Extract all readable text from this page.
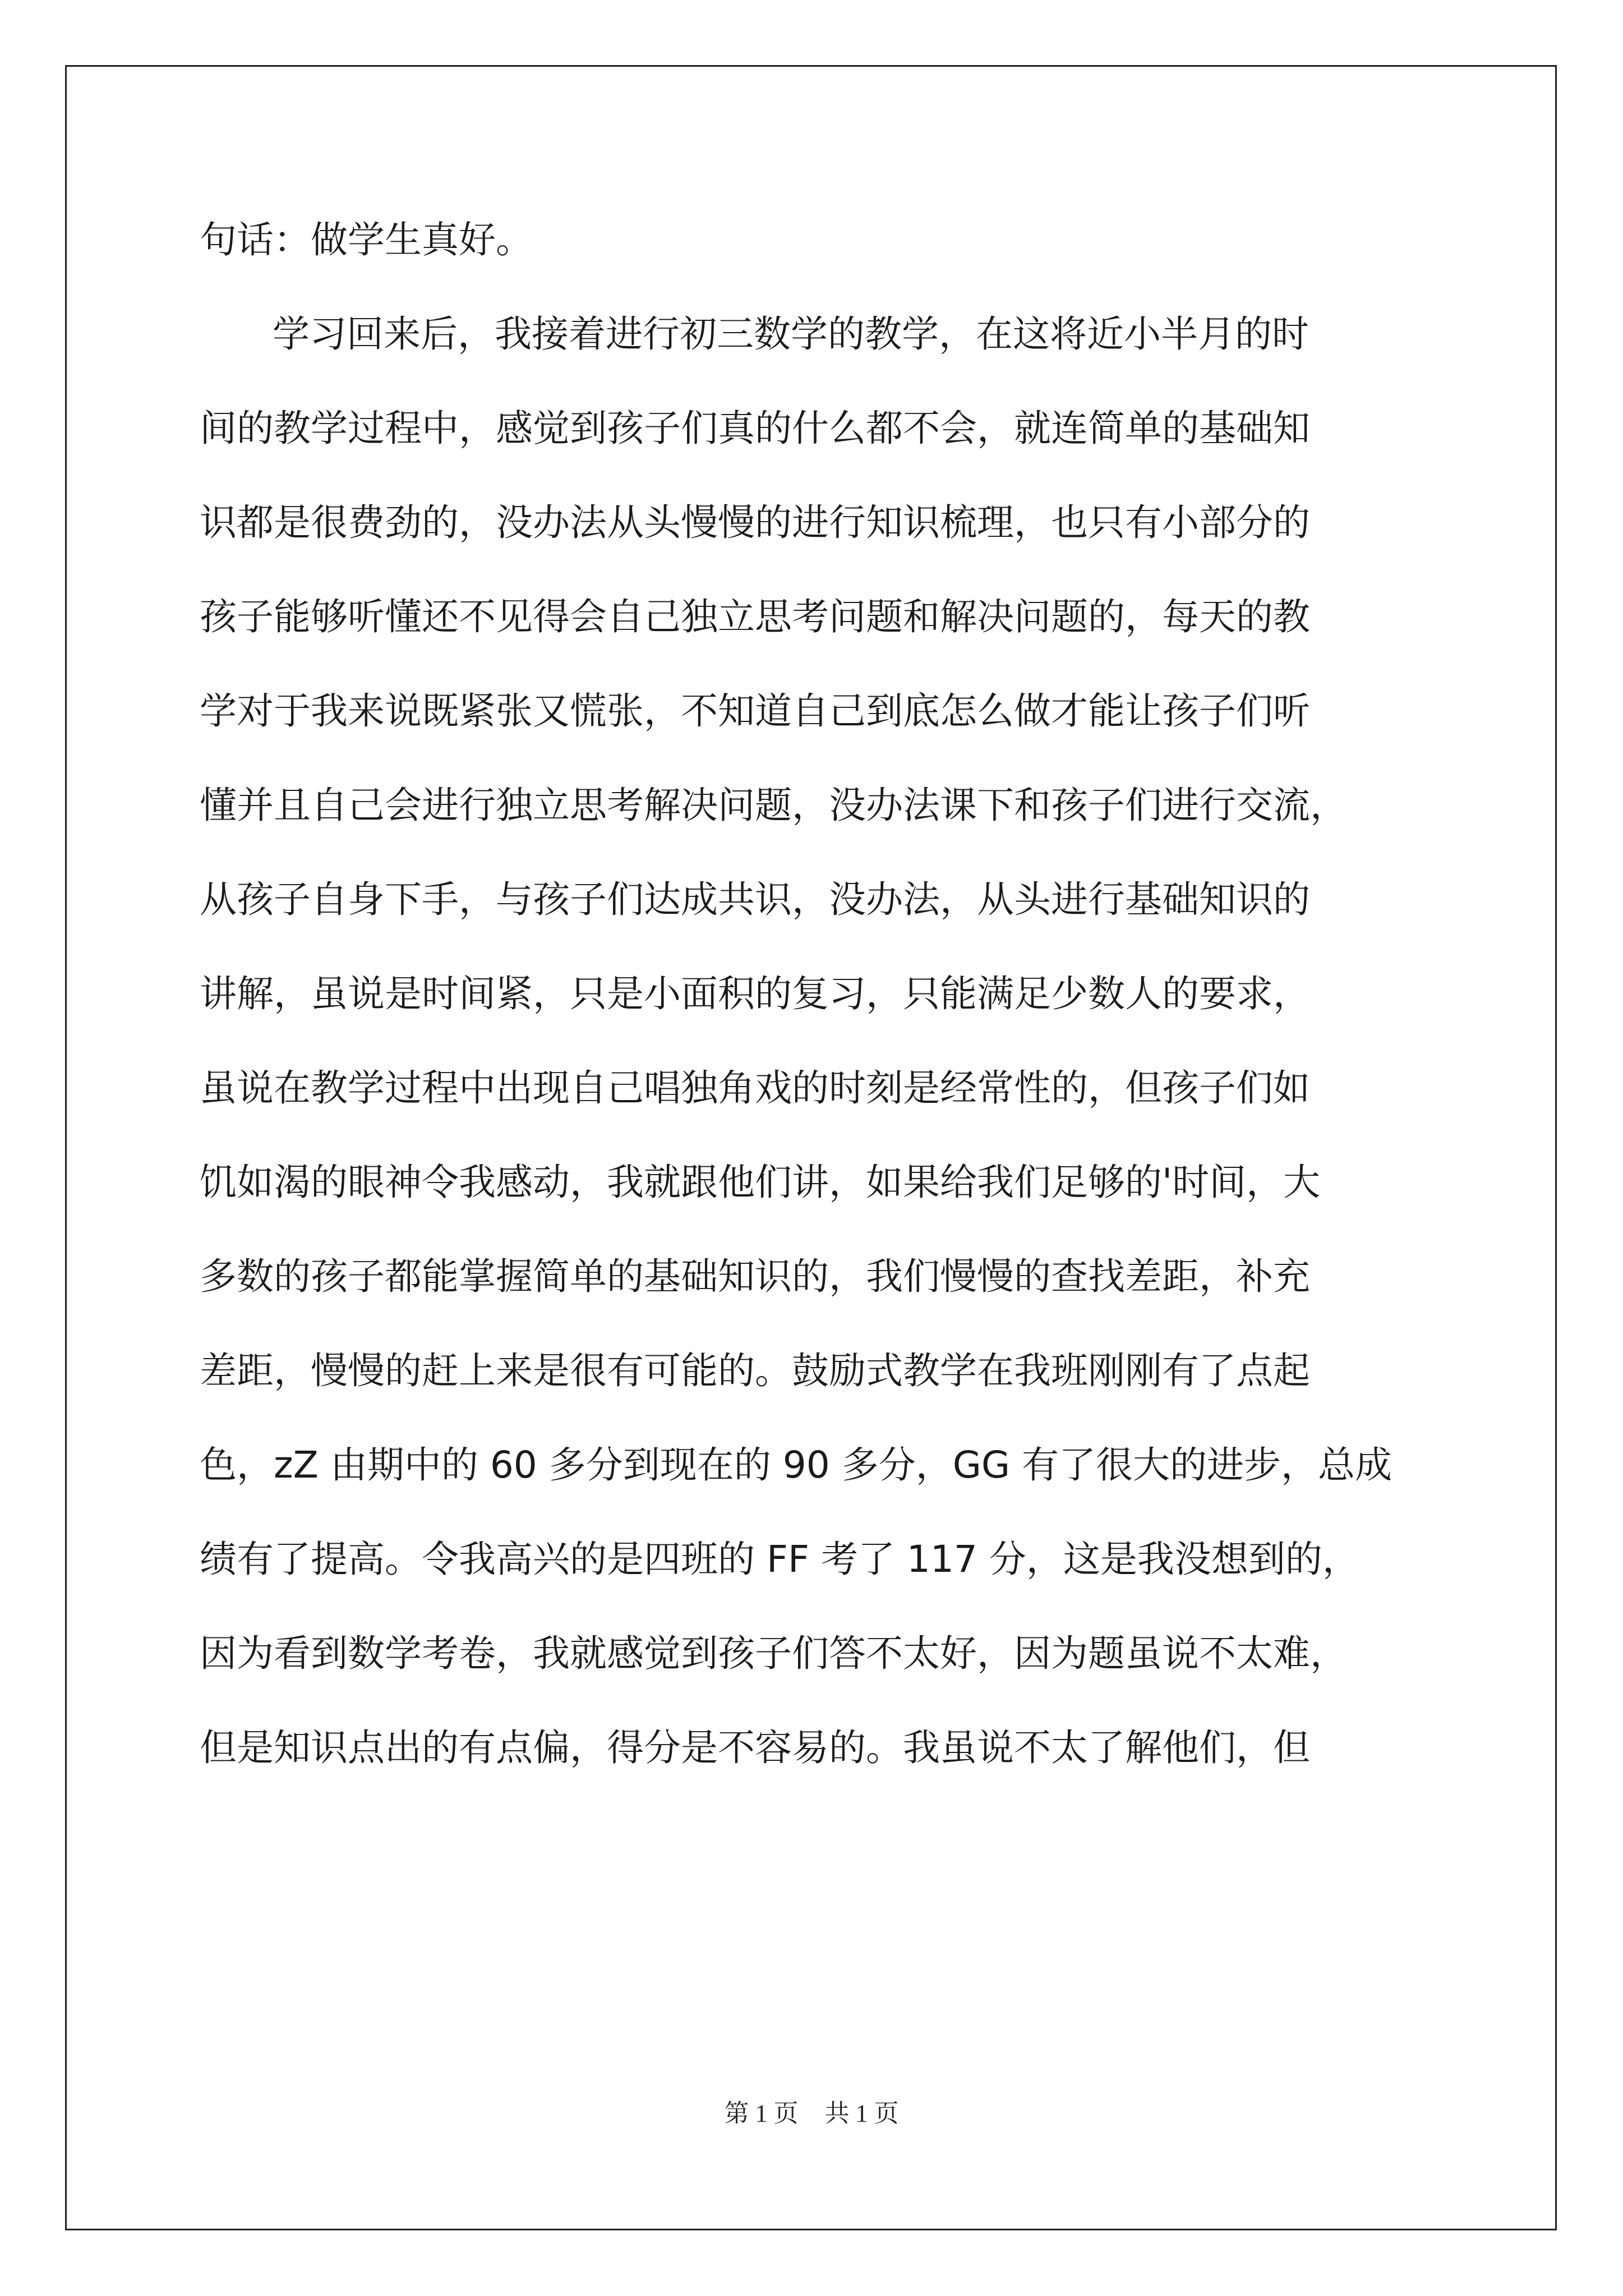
句话：做学生真好。
学习回来后，我接着进行初三数学的教学，在这将近小半月的时
间的教学过程中，感觉到孩子们真的什么都不会，就连简单的基础知
识都是很费劲的，没办法从头慢慢的进行知识梳理，也只有小部分的
孩子能够听懂还不见得会自己独立思考问题和解决问题的，每天的教
学对于我来说既紧张又慌张，不知道自己到底怎么做才能让孩子们听
懂并且自己会进行独立思考解决问题，没办法课下和孩子们进行交流，
从孩子自身下手，与孩子们达成共识，没办法，从头进行基础知识的
讲解，虽说是时间紧，只是小面积的复习，只能满足少数人的要求，
虽说在教学过程中出现自己唱独角戏的时刻是经常性的，但孩子们如
饥如渴的眼神令我感动，我就跟他们讲，如果给我们足够的'时间，大
多数的孩子都能掌握简单的基础知识的，我们慢慢的查找差距，补充
差距，慢慢的赶上来是很有可能的。鼓励式教学在我班刚刚有了点起
色，zZ 由期中的 60 多分到现在的 90 多分，GG 有了很大的进步，总成
绩有了提高。令我高兴的是四班的 FF 考了 117 分，这是我没想到的，
因为看到数学考卷，我就感觉到孩子们答不太好，因为题虽说不太难，
但是知识点出的有点偏，得分是不容易的。我虽说不太了解他们，但
第 1 页 共 1 页
